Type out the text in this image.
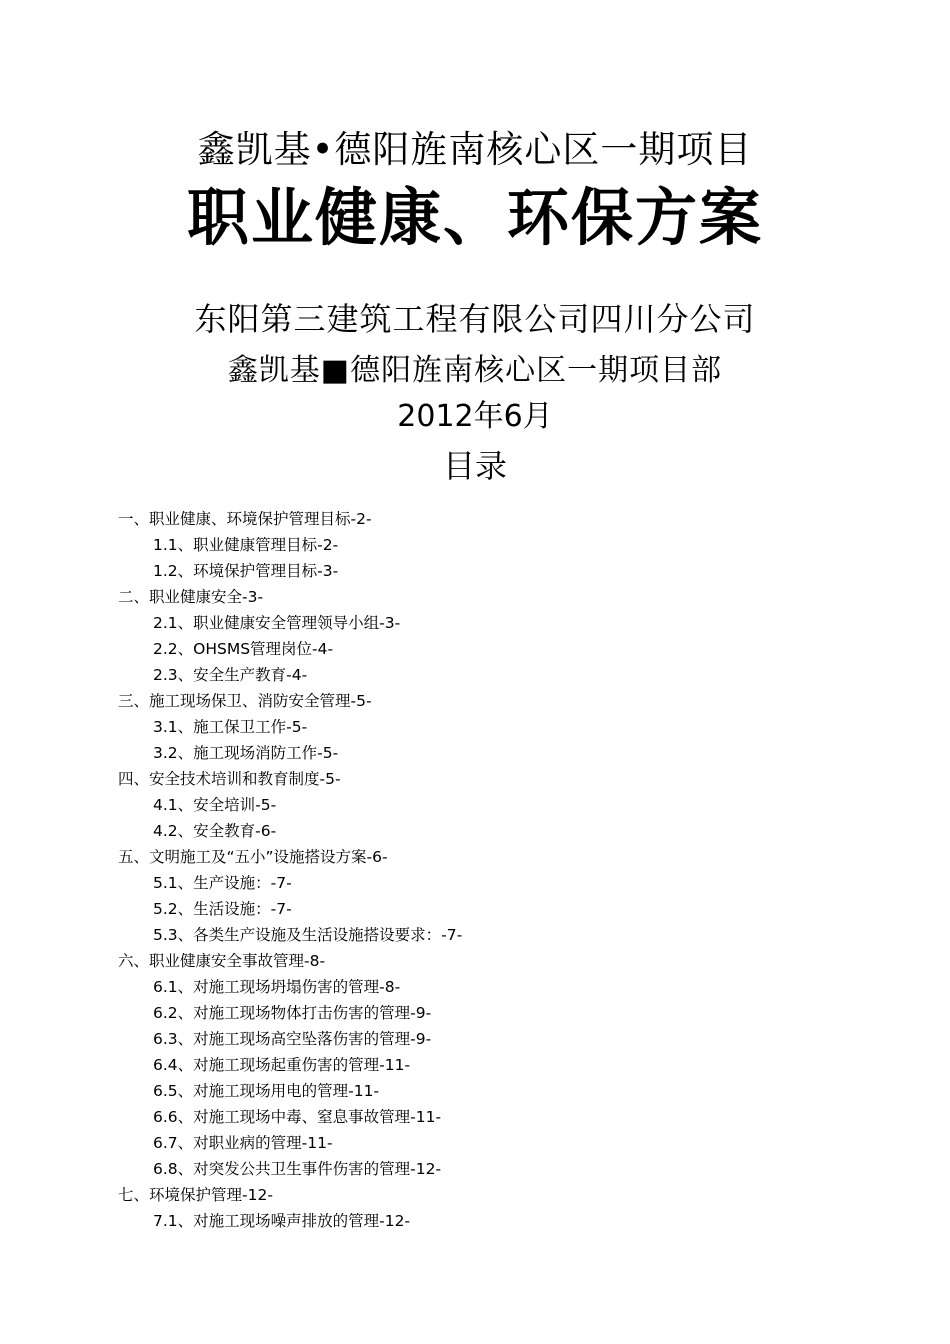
鑫凯基•德阳旌南核心区一期项目
职业健康、环保方案
东阳第三建筑工程有限公司四川分公司
鑫凯基■德阳旌南核心区一期项目部
2012年6月
目录
一、职业健康、环境保护管理目标-2-
1.1、职业健康管理目标-2-
1.2、环境保护管理目标-3-
二、职业健康安全-3-
2.1、职业健康安全管理领导小组-3-
2.2、OHSMS管理岗位-4-
2.3、安全生产教育-4-
三、施工现场保卫、消防安全管理-5-
3.1、施工保卫工作-5-
3.2、施工现场消防工作-5-
四、安全技术培训和教育制度-5-
4.1、安全培训-5-
4.2、安全教育-6-
五、文明施工及“五小”设施搭设方案-6-
5.1、生产设施：-7-
5.2、生活设施：-7-
5.3、各类生产设施及生活设施搭设要求：-7-
六、职业健康安全事故管理-8-
6.1、对施工现场坍塌伤害的管理-8-
6.2、对施工现场物体打击伤害的管理-9-
6.3、对施工现场高空坠落伤害的管理-9-
6.4、对施工现场起重伤害的管理-11-
6.5、对施工现场用电的管理-11-
6.6、对施工现场中毒、窒息事故管理-11-
6.7、对职业病的管理-11-
6.8、对突发公共卫生事件伤害的管理-12-
七、环境保护管理-12-
7.1、对施工现场噪声排放的管理-12-
